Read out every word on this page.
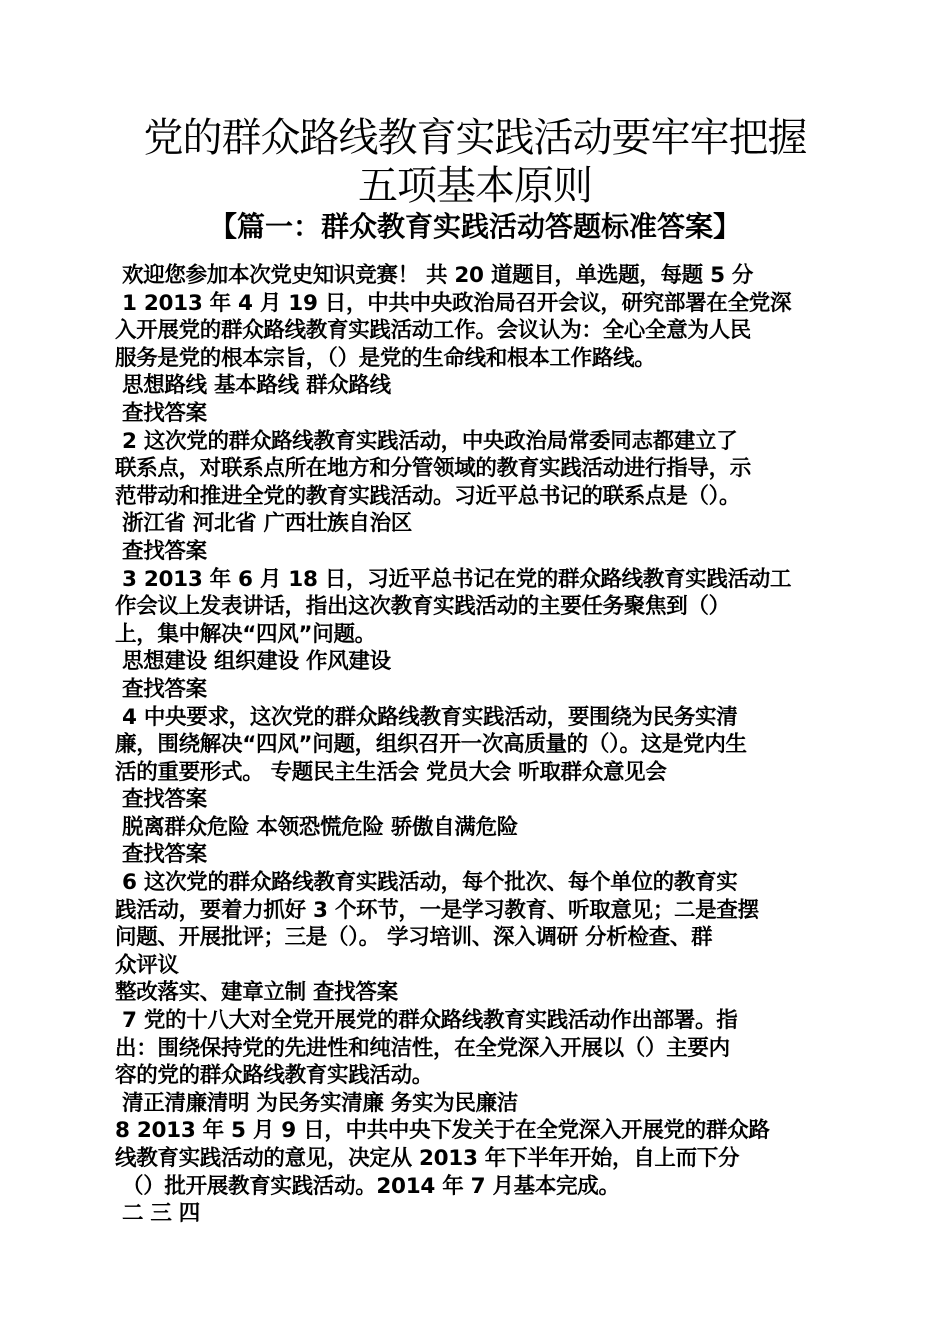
党的群众路线教育实践活动要牢牢把握
五项基本原则
【篇一：群众教育实践活动答题标准答案】
欢迎您参加本次党史知识竞赛！ 共 20 道题目，单选题，每题 5 分
1 2013 年 4 月 19 日，中共中央政治局召开会议，研究部署在全党深
入开展党的群众路线教育实践活动工作。会议认为：全心全意为人民
服务是党的根本宗旨，（）是党的生命线和根本工作路线。
思想路线 基本路线 群众路线
查找答案
2 这次党的群众路线教育实践活动，中央政治局常委同志都建立了
联系点，对联系点所在地方和分管领域的教育实践活动进行指导，示
范带动和推进全党的教育实践活动。习近平总书记的联系点是（）。
浙江省 河北省 广西壮族自治区
查找答案
3 2013 年 6 月 18 日，习近平总书记在党的群众路线教育实践活动工
作会议上发表讲话，指出这次教育实践活动的主要任务聚焦到（）
上，集中解决“四风”问题。
思想建设 组织建设 作风建设
查找答案
4 中央要求，这次党的群众路线教育实践活动，要围绕为民务实清
廉，围绕解决“四风”问题，组织召开一次高质量的（）。这是党内生
活的重要形式。 专题民主生活会 党员大会 听取群众意见会
查找答案
脱离群众危险 本领恐慌危险 骄傲自满危险
查找答案
6 这次党的群众路线教育实践活动，每个批次、每个单位的教育实
践活动，要着力抓好 3 个环节，一是学习教育、听取意见；二是查摆
问题、开展批评；三是（）。 学习培训、深入调研 分析检查、群
众评议
整改落实、建章立制 查找答案
7 党的十八大对全党开展党的群众路线教育实践活动作出部署。指
出：围绕保持党的先进性和纯洁性，在全党深入开展以（）主要内
容的党的群众路线教育实践活动。
清正清廉清明 为民务实清廉 务实为民廉洁
8 2013 年 5 月 9 日，中共中央下发关于在全党深入开展党的群众路
线教育实践活动的意见，决定从 2013 年下半年开始，自上而下分
（）批开展教育实践活动。2014 年 7 月基本完成。
二 三 四
